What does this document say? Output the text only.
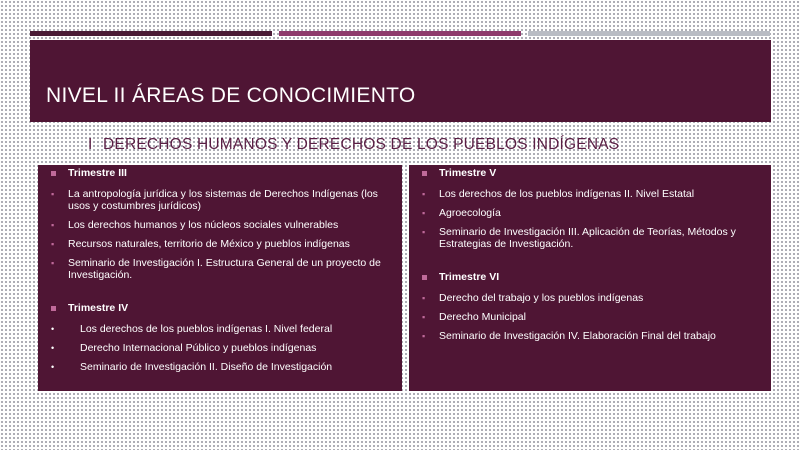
NIVEL II ÁREAS DE CONOCIMIENTO
I DERECHOS HUMANOS Y DERECHOS DE LOS PUEBLOS INDÍGENAS
Trimestre III
▪	La antropología jurídica y los sistemas de Derechos Indígenas (los usos y costumbres jurídicos)
▪	Los derechos humanos y los núcleos sociales vulnerables
▪	Recursos naturales, territorio de México y pueblos indígenas
▪	Seminario de Investigación I. Estructura General de un proyecto de Investigación.
Trimestre IV
•	Los derechos de los pueblos indígenas I. Nivel federal
•	Derecho Internacional Público y pueblos indígenas
•	Seminario de Investigación II. Diseño de Investigación
Trimestre V
▪	Los derechos de los pueblos indígenas II. Nivel Estatal
▪	Agroecología
▪	Seminario de Investigación III. Aplicación de Teorías, Métodos y Estrategias de Investigación.
Trimestre VI
▪	Derecho del trabajo y los pueblos indígenas
▪	Derecho Municipal
▪	Seminario de Investigación IV. Elaboración Final del trabajo
